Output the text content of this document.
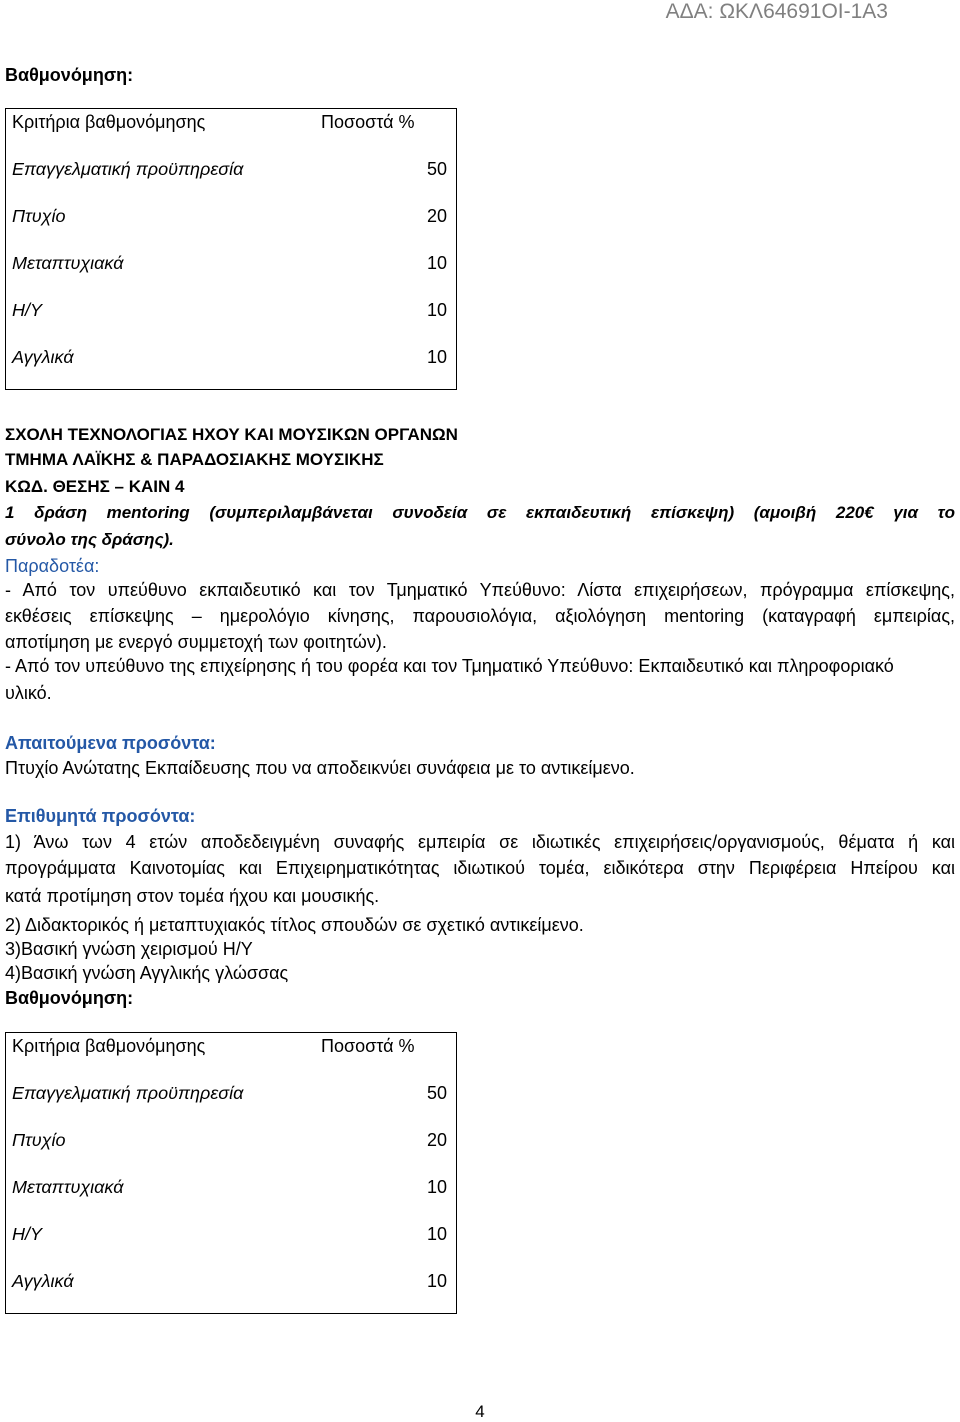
ΑΔΑ: ΩΚΛ64691ΟΙ-1Α3
Βαθμονόμηση:
Κριτήρια βαθμονόμησης	Ποσοστά %
Επαγγελματική προϋπηρεσία	50
Πτυχίο	20
Μεταπτυχιακά	10
Η/Υ	10
Αγγλικά	10
ΣΧΟΛΗ ΤΕΧΝΟΛΟΓΙΑΣ ΗΧΟΥ ΚΑΙ ΜΟΥΣΙΚΩΝ ΟΡΓΑΝΩΝ
ΤΜΗΜΑ ΛΑΪΚΗΣ & ΠΑΡΑΔΟΣΙΑΚΗΣ ΜΟΥΣΙΚΗΣ
ΚΩΔ. ΘΕΣΗΣ – ΚΑΙΝ 4
1 δράση mentoring (συμπεριλαμβάνεται συνοδεία σε εκπαιδευτική επίσκεψη) (αμοιβή 220€ για το
σύνολο της δράσης).
Παραδοτέα:
- Από τον υπεύθυνο εκπαιδευτικό και τον Τμηματικό Υπεύθυνο: Λίστα επιχειρήσεων, πρόγραμμα επίσκεψης,
εκθέσεις επίσκεψης – ημερολόγιο κίνησης, παρουσιολόγια, αξιολόγηση mentoring (καταγραφή εμπειρίας,
αποτίμηση με ενεργό συμμετοχή των φοιτητών).
- Από τον υπεύθυνο της επιχείρησης ή του φορέα και τον Τμηματικό Υπεύθυνο: Εκπαιδευτικό και πληροφοριακό
υλικό.
Απαιτούμενα προσόντα:
Πτυχίο Ανώτατης Εκπαίδευσης που να αποδεικνύει συνάφεια με το αντικείμενο.
Επιθυμητά προσόντα:
1) Άνω των 4 ετών αποδεδειγμένη συναφής εμπειρία σε ιδιωτικές επιχειρήσεις/οργανισμούς, θέματα ή και
προγράμματα Καινοτομίας και Επιχειρηματικότητας ιδιωτικού τομέα, ειδικότερα στην Περιφέρεια Ηπείρου και
κατά προτίμηση στον τομέα ήχου και μουσικής.
2) Διδακτορικός ή μεταπτυχιακός τίτλος σπουδών σε σχετικό αντικείμενο.
3)Βασική γνώση χειρισμού Η/Υ
4)Βασική γνώση Αγγλικής γλώσσας
Βαθμονόμηση:
Κριτήρια βαθμονόμησης	Ποσοστά %
Επαγγελματική προϋπηρεσία	50
Πτυχίο	20
Μεταπτυχιακά	10
Η/Υ	10
Αγγλικά	10
4
